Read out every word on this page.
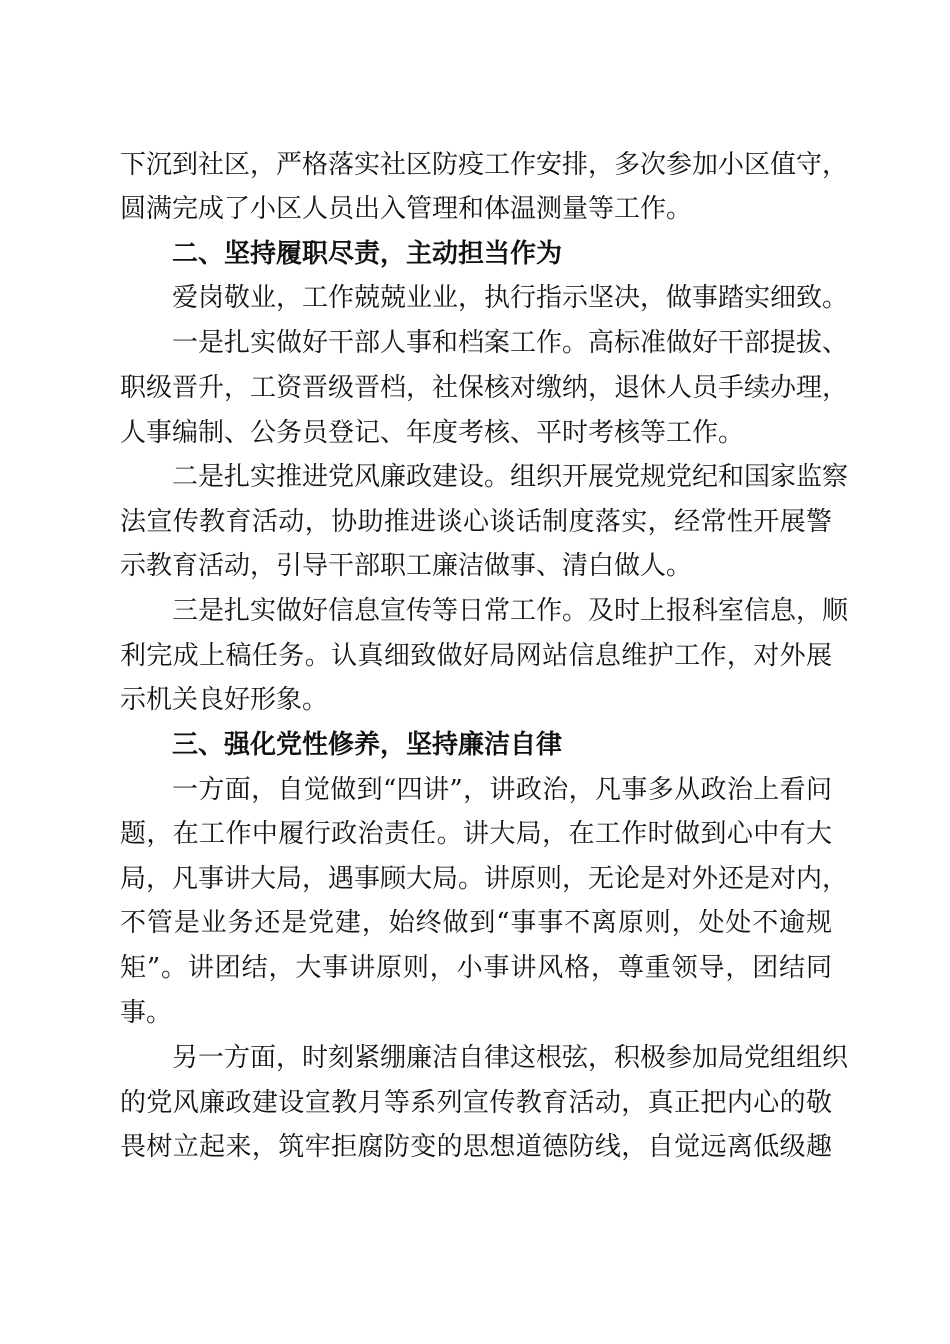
下沉到社区，严格落实社区防疫工作安排，多次参加小区值守，
圆满完成了小区人员出入管理和体温测量等工作。
二、坚持履职尽责，主动担当作为
爱岗敬业，工作兢兢业业，执行指示坚决，做事踏实细致。
一是扎实做好干部人事和档案工作。高标准做好干部提拔、
职级晋升，工资晋级晋档，社保核对缴纳，退休人员手续办理，
人事编制、公务员登记、年度考核、平时考核等工作。
二是扎实推进党风廉政建设。组织开展党规党纪和国家监察
法宣传教育活动，协助推进谈心谈话制度落实，经常性开展警
示教育活动，引导干部职工廉洁做事、清白做人。
三是扎实做好信息宣传等日常工作。及时上报科室信息，顺
利完成上稿任务。认真细致做好局网站信息维护工作，对外展
示机关良好形象。
三、强化党性修养，坚持廉洁自律
一方面，自觉做到“四讲”，讲政治，凡事多从政治上看问
题，在工作中履行政治责任。讲大局，在工作时做到心中有大
局，凡事讲大局，遇事顾大局。讲原则，无论是对外还是对内，
不管是业务还是党建，始终做到“事事不离原则，处处不逾规
矩”。讲团结，大事讲原则，小事讲风格，尊重领导，团结同
事。
另一方面，时刻紧绷廉洁自律这根弦，积极参加局党组组织
的党风廉政建设宣教月等系列宣传教育活动，真正把内心的敬
畏树立起来，筑牢拒腐防变的思想道德防线，自觉远离低级趣
